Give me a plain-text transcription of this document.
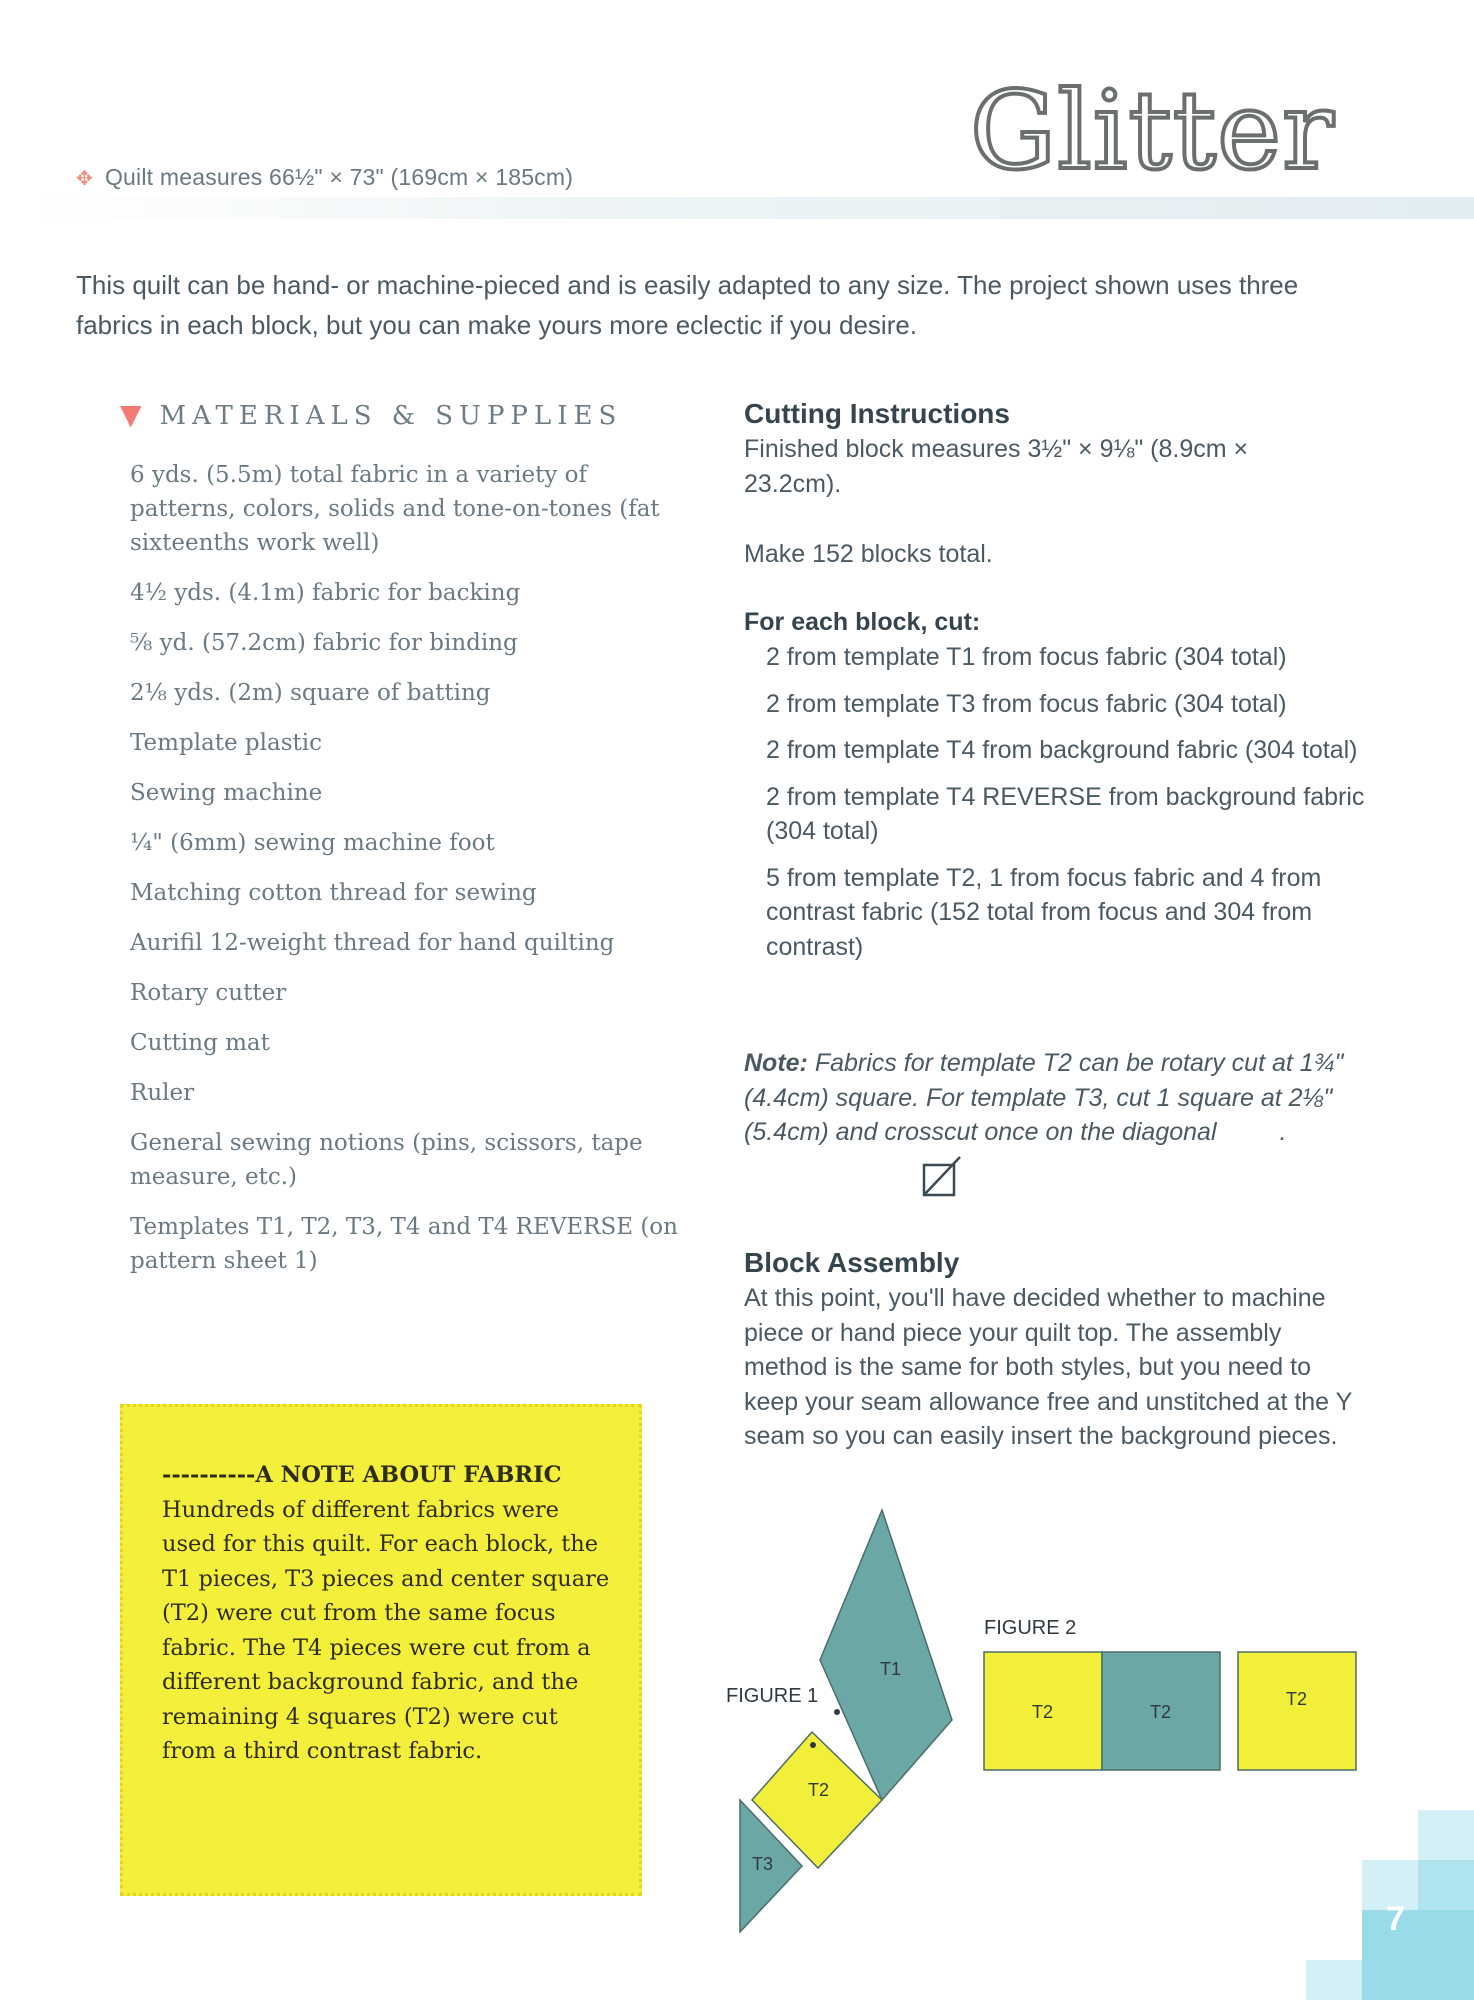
✥ Quilt measures 66½" × 73" (169cm × 185cm)	Glitter
This quilt can be hand- or machine-pieced and is easily adapted to any size. The project shown uses three fabrics in each block, but you can make yours more eclectic if you desire.
▼ MATERIALS & SUPPLIES
6 yds. (5.5m) total fabric in a variety of patterns, colors, solids and tone-on-tones (fat sixteenths work well)
4½ yds. (4.1m) fabric for backing
⅝ yd. (57.2cm) fabric for binding
2⅛ yds. (2m) square of batting
Template plastic
Sewing machine
¼" (6mm) sewing machine foot
Matching cotton thread for sewing
Aurifil 12-weight thread for hand quilting
Rotary cutter
Cutting mat
Ruler
General sewing notions (pins, scissors, tape measure, etc.)
Templates T1, T2, T3, T4 and T4 REVERSE (on pattern sheet 1)
----------A NOTE ABOUT FABRIC
Hundreds of different fabrics were used for this quilt. For each block, the T1 pieces, T3 pieces and center square (T2) were cut from the same focus fabric. The T4 pieces were cut from a different background fabric, and the remaining 4 squares (T2) were cut from a third contrast fabric.
Cutting Instructions
Finished block measures 3½" × 9⅛" (8.9cm × 23.2cm).
Make 152 blocks total.
For each block, cut:
2 from template T1 from focus fabric (304 total)
2 from template T3 from focus fabric (304 total)
2 from template T4 from background fabric (304 total)
2 from template T4 REVERSE from background fabric (304 total)
5 from template T2, 1 from focus fabric and 4 from contrast fabric (152 total from focus and 304 from contrast)
Note: Fabrics for template T2 can be rotary cut at 1¾" (4.4cm) square. For template T3, cut 1 square at 2⅛" (5.4cm) and crosscut once on the diagonal	.
Block Assembly
At this point, you'll have decided whether to machine piece or hand piece your quilt top. The assembly method is the same for both styles, but you need to keep your seam allowance free and unstitched at the Y seam so you can easily insert the background pieces.
T1
T2
T3
FIGURE 1
FIGURE 2
T2	T2
T2
7
